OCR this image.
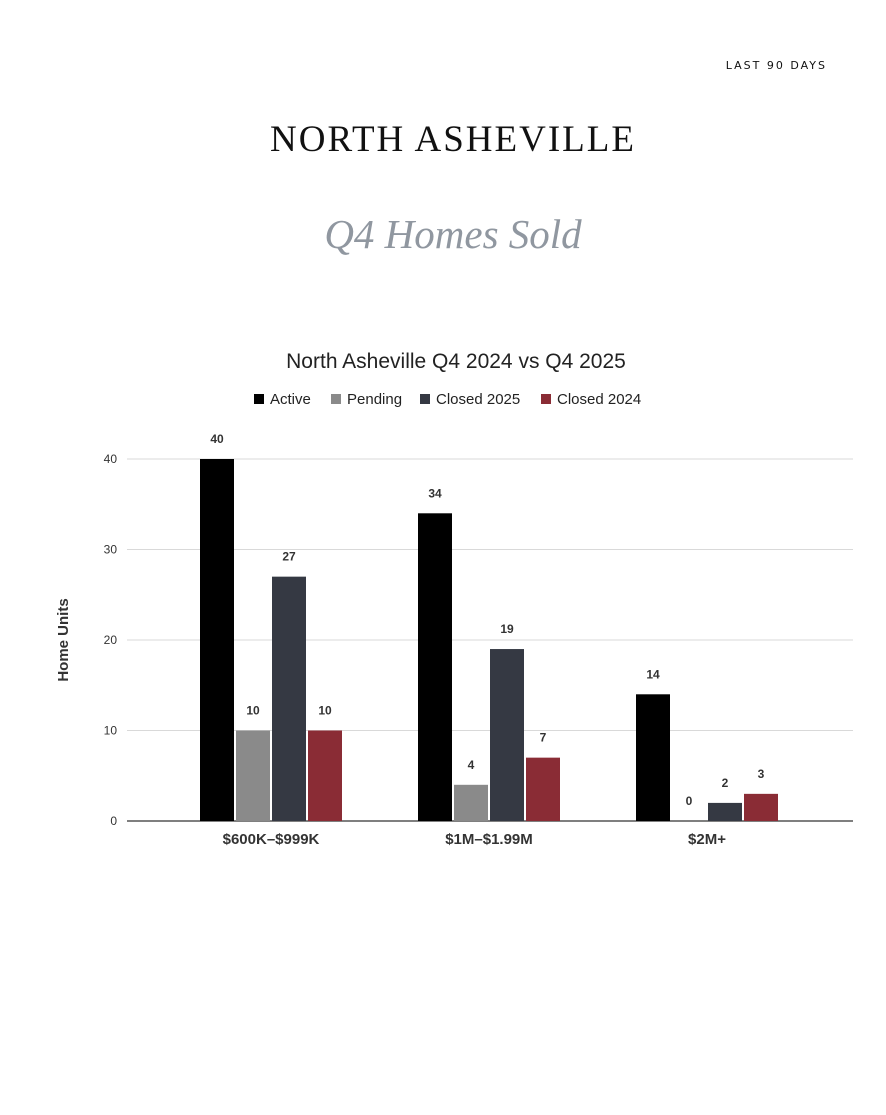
LAST 90 DAYS
NORTH ASHEVILLE
Q4 Homes Sold
North Asheville Q4 2024 vs Q4 2025
Active Pending Closed 2025 Closed 2024
0
10
20
30
40
Home Units
40
10
27
10
$600K–$999K
34
4
19
7
$1M–$1.99M
14
0
2
3
$2M+
